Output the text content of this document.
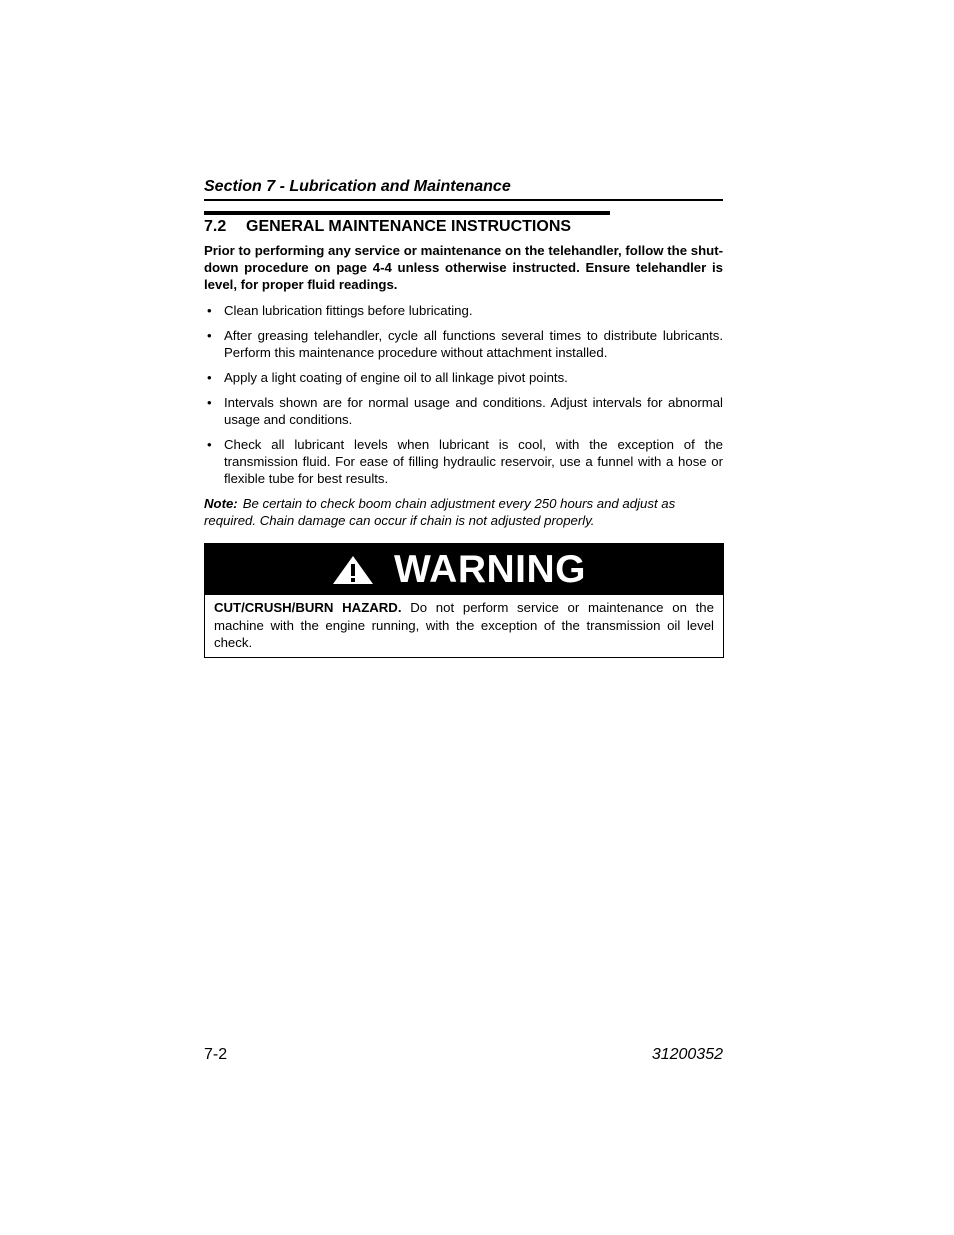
Section 7 - Lubrication and Maintenance
7.2 GENERAL MAINTENANCE INSTRUCTIONS
Prior to performing any service or maintenance on the telehandler, follow the shut-down procedure on page 4-4 unless otherwise instructed. Ensure telehandler is level, for proper fluid readings.
• Clean lubrication fittings before lubricating.
• After greasing telehandler, cycle all functions several times to distribute lubricants. Perform this maintenance procedure without attachment installed.
• Apply a light coating of engine oil to all linkage pivot points.
• Intervals shown are for normal usage and conditions. Adjust intervals for abnormal usage and conditions.
• Check all lubricant levels when lubricant is cool, with the exception of the transmission fluid. For ease of filling hydraulic reservoir, use a funnel with a hose or flexible tube for best results.
Note: Be certain to check boom chain adjustment every 250 hours and adjust as required. Chain damage can occur if chain is not adjusted properly.
WARNING
CUT/CRUSH/BURN HAZARD. Do not perform service or maintenance on the machine with the engine running, with the exception of the transmission oil level check.
7-2	31200352
